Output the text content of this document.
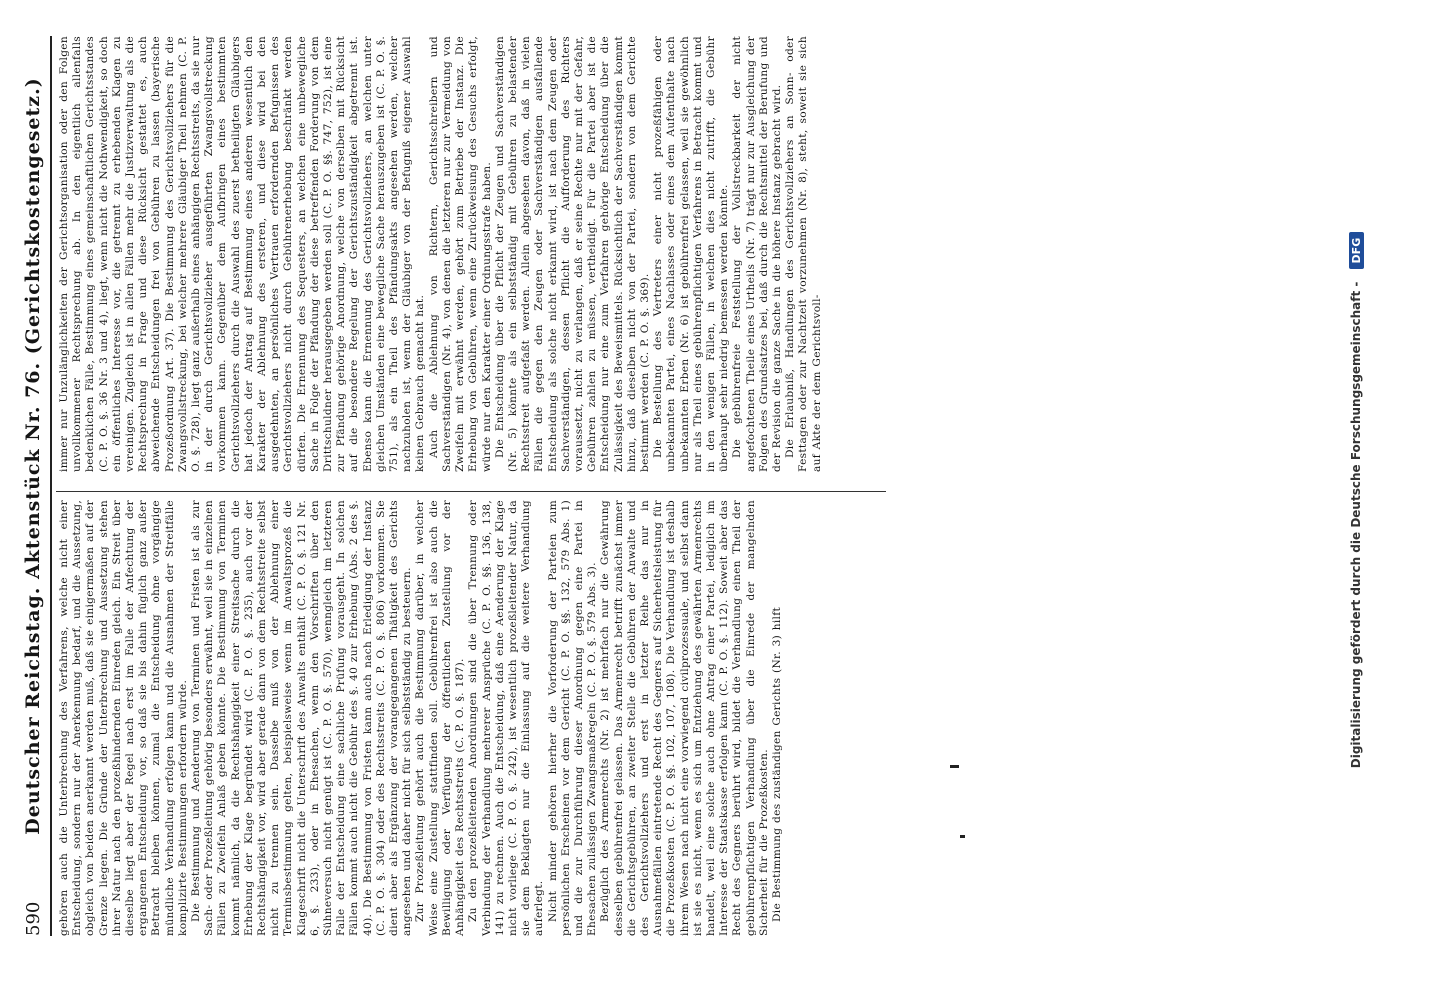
590
Deutscher Reichstag. Aktenstück Nr. 76. (Gerichtskostengesetz.) gehören auch die Unterbrechung des Verfahrens, welche nicht einer Entscheidung, sondern nur der Anerkennung bedarf, und die Aussetzung, obgleich von beiden anerkannt werden muß, daß sie einigermaßen auf der Grenze liegen. Die Gründe der Unterbrechung und Aussetzung stehen ihrer Natur nach den prozeßhindernden Einreden gleich. Ein Streit über dieselbe liegt aber der Regel nach erst im Falle der Anfechtung der ergangenen Entscheidung vor, so daß sie bis dahin füglich ganz außer Betracht bleiben können, zumal die Entscheidung ohne vorgängige mündliche Verhandlung erfolgen kann und die Ausnahmen der Streitfälle komplizirte Bestimmungen erfordern würde. Die Bestimmung und Aenderung von Terminen und Fristen ist als zur Sach- oder Prozeßleitung gehörig besonders erwähnt, weil sie in einzelnen Fällen zu Zweifeln Anlaß geben könnte. Die Bestimmung von Terminen kommt nämlich, da die Rechtshängigkeit einer Streitsache durch die Erhebung der Klage begründet wird (C. P. O. §. 235), auch vor der Rechtshängigkeit vor, wird aber gerade dann von dem Rechtsstreite selbst nicht zu trennen sein. Dasselbe muß von der Ablehnung einer Terminsbestimmung gelten, beispielsweise wenn im Anwaltsprozeß die Klageschrift nicht die Unterschrift des Anwalts enthält (C. P. O. §. 121 Nr. 6, §. 233), oder in Ehesachen, wenn den Vorschriften über den Sühneversuch nicht genügt ist (C. P. O. §. 570), wenngleich im letzteren Falle der Entscheidung eine sachliche Prüfung vorausgeht. In solchen Fällen kommt auch nicht die Gebühr des §. 40 zur Erhebung (Abs. 2 des §. 40). Die Bestimmung von Fristen kann auch nach Erledigung der Instanz (C. P. O. §. 304) oder des Rechtsstreits (C. P. O. §. 806) vorkommen. Sie dient aber als Ergänzung der vorangegangenen Thätigkeit des Gerichts angesehen und daher nicht für sich selbstständig zu besteuern. Zur Prozeßleitung gehört auch die Bestimmung darüber, in welcher Weise eine Zustellung stattfinden soll. Gebührenfrei ist also auch die Bewilligung oder Verfügung der öffentlichen Zustellung vor der Anhängigkeit des Rechtsstreits (C. P. O. §. 187). Zu den prozeßleitenden Anordnungen sind die über Trennung oder Verbindung der Verhandlung mehrerer Ansprüche (C. P. O. §§. 136, 138, 141) zu rechnen. Auch die Entscheidung, daß eine Aenderung der Klage nicht vorliege (C. P. O. §. 242), ist wesentlich prozeßleitender Natur, da sie dem Beklagten nur die Einlassung auf die weitere Verhandlung auferlegt. Nicht minder gehören hierher die Vorforderung der Parteien zum persönlichen Erscheinen vor dem Gericht (C. P. O. §§. 132, 579 Abs. 1) und die zur Durchführung dieser Anordnung gegen eine Partei in Ehesachen zulässigen Zwangsmaßregeln (C. P. O. §. 579 Abs. 3). Bezüglich des Armenrechts (Nr. 2) ist mehrfach nur die Gewährung desselben gebührenfrei gelassen. Das Armenrecht betrifft zunächst immer die Gerichtsgebühren, an zweiter Stelle die Gebühren der Anwalte und des Gerichtsvollziehers und erst in letzter Reihe das nur in Ausnahmefällen eintretende Recht des Gegners auf Sicherheitsleistung für die Prozeßkosten (C. P. O. §§. 102, 107, 108). Die Verhandlung ist deshalb ihrem Wesen nach nicht eine vorwiegend civilprozessuale, und selbst dann ist sie es nicht, wenn es sich um Entziehung des gewährten Armenrechts handelt, weil eine solche auch ohne Antrag einer Partei, lediglich im Interesse der Staatskasse erfolgen kann (C. P. O. §. 112). Soweit aber das Recht des Gegners berührt wird, bildet die Verhandlung einen Theil der gebührenpflichtigen Verhandlung über die Einrede der mangelnden Sicherheit für die Prozeßkosten. Die Bestimmung des zuständigen Gerichts (Nr. 3) hilft

immer nur Unzulänglichkeiten der Gerichtsorganisation oder den Folgen unvollkommener Rechtsprechung ab. In den eigentlich allenfalls bedenklichen Fälle, Bestimmung eines gemeinschaftlichen Gerichtsstandes (C. P. O. §. 36 Nr. 3 und 4), liegt, wenn nicht die Nothwendigkeit, so doch ein öffentliches Interesse vor, die getrennt zu erhebenden Klagen zu vereinigen. Zugleich ist in allen Fällen mehr die Justizverwaltung als die Rechtsprechung in Frage und diese Rücksicht gestattet es, auch abweichende Entscheidungen frei von Gebühren zu lassen (bayerische Prozeßordnung Art. 37). Die Bestimmung des Gerichtsvollziehers für die Zwangsvollstreckung, bei welcher mehrere Gläubiger Theil nehmen (C. P. O. §. 728), liegt ganz außerhalb eines anhängigen Rechtsstreits, da sie nur in der durch Gerichtsvollzieher ausgeführten Zwangsvollstreckung vorkommen kann. Gegenüber dem Aufbringen eines bestimmten Gerichtsvollziehers durch die Auswahl des zuerst betheiligten Gläubigers hat jedoch der Antrag auf Bestimmung eines anderen wesentlich den Karakter der Ablehnung des ersteren, und diese wird bei den ausgedehnten, an persönliches Vertrauen erfordernden Befugnissen des Gerichtsvollziehers nicht durch Gebührenerhebung beschränkt werden dürfen. Die Ernennung des Sequesters, an welchen eine unbewegliche Sache in Folge der Pfändung der diese betreffenden Forderung von dem Drittschuldner herausgegeben werden soll (C. P. O. §§. 747, 752), ist eine zur Pfändung gehörige Anordnung, welche von derselben mit Rücksicht auf die besondere Regelung der Gerichtszuständigkeit abgetrennt ist. Ebenso kann die Ernennung des Gerichtsvollziehers, an welchen unter gleichen Umständen eine bewegliche Sache herauszugeben ist (C. P. O. §. 751), als ein Theil des Pfändungsakts angesehen werden, welcher nachzuholen ist, wenn der Gläubiger von der Befugniß eigener Auswahl keinen Gebrauch gemacht hat. Auch die Ablehnung von Richtern, Gerichtsschreibern und Sachverständigen (Nr. 4), von denen die letzteren nur zur Vermeidung von Zweifeln mit erwähnt werden, gehört zum Betriebe der Instanz. Die Erhebung von Gebühren, wenn eine Zurückweisung des Gesuchs erfolgt, würde nur den Karakter einer Ordnungsstrafe haben. Die Entscheidung über die Pflicht der Zeugen und Sachverständigen (Nr. 5) könnte als ein selbstständig mit Gebühren zu belastender Rechtsstreit aufgefaßt werden. Allein abgesehen davon, daß in vielen Fällen die gegen den Zeugen oder Sachverständigen ausfallende Entscheidung als solche nicht erkannt wird, ist nach dem Zeugen oder Sachverständigen, dessen Pflicht die Aufforderung des Richters voraussetzt, nicht zu verlangen, daß er seine Rechte nur mit der Gefahr, Gebühren zahlen zu müssen, vertheidigt. Für die Partei aber ist die Entscheidung nur eine zum Verfahren gehörige Entscheidung über die Zulässigkeit des Beweismittels. Rücksichtlich der Sachverständigen kommt hinzu, daß dieselben nicht von der Partei, sondern von dem Gerichte bestimmt werden (C. P. O. §. 369). Die Bestellung des Vertreters einer nicht prozeßfähigen oder unbekannten Partei, eines Nachlasses oder eines dem Aufenthalte nach unbekannten Erben (Nr. 6) ist gebührenfrei gelassen, weil sie gewöhnlich nur als Theil eines gebührenpflichtigen Verfahrens in Betracht kommt und in den wenigen Fällen, in welchen dies nicht zutrifft, die Gebühr überhaupt sehr niedrig bemessen werden könnte. Die gebührenfreie Feststellung der Vollstreckbarkeit der nicht angefochtenen Theile eines Urtheils (Nr. 7) trägt nur zur Ausgleichung der Folgen des Grundsatzes bei, daß durch die Rechtsmittel der Berufung und der Revision die ganze Sache in die höhere Instanz gebracht wird. Die Erlaubniß, Handlungen des Gerichtsvollziehers an Sonn- oder Festtagen oder zur Nachtzeit vorzunehmen (Nr. 8), steht, soweit sie sich auf Akte der dem Gerichtsvoll-	Digitalisierung gefördert durch die Deutsche Forschungsgemeinschaft - DFG
